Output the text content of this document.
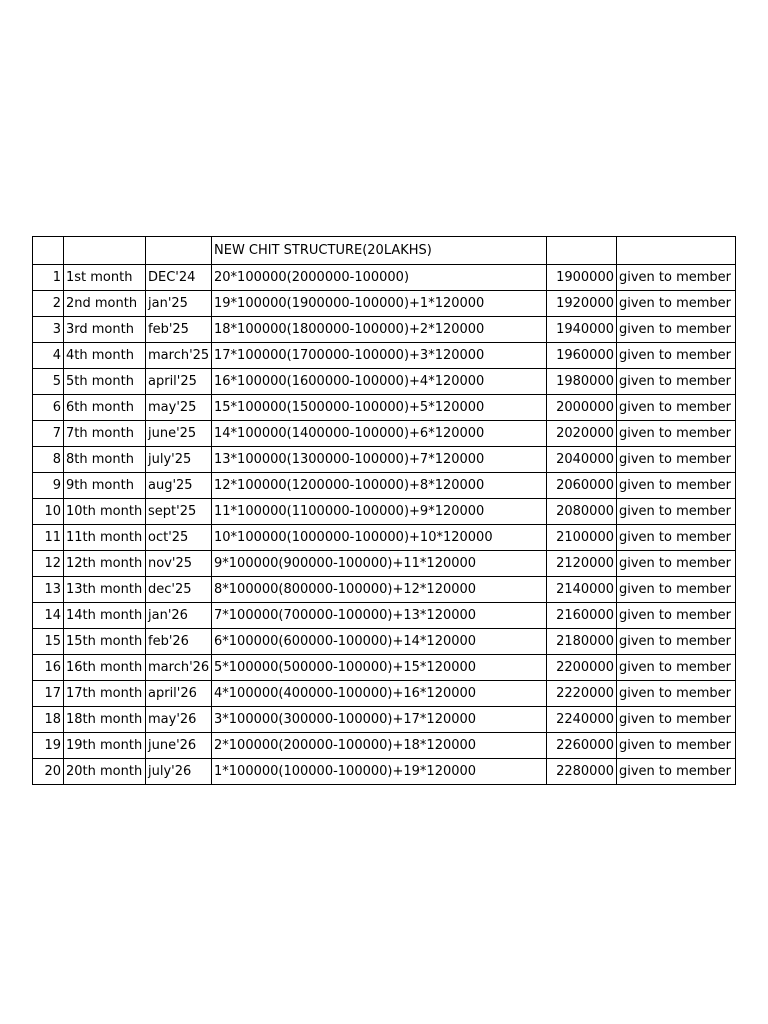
			NEW CHIT STRUCTURE(20LAKHS)		
1	1st month	DEC'24	20*100000(2000000-100000)	1900000	given to member
2	2nd month	jan'25	19*100000(1900000-100000)+1*120000	1920000	given to member
3	3rd month	feb'25	18*100000(1800000-100000)+2*120000	1940000	given to member
4	4th month	march'25	17*100000(1700000-100000)+3*120000	1960000	given to member
5	5th month	april'25	16*100000(1600000-100000)+4*120000	1980000	given to member
6	6th month	may'25	15*100000(1500000-100000)+5*120000	2000000	given to member
7	7th month	june'25	14*100000(1400000-100000)+6*120000	2020000	given to member
8	8th month	july'25	13*100000(1300000-100000)+7*120000	2040000	given to member
9	9th month	aug'25	12*100000(1200000-100000)+8*120000	2060000	given to member
10	10th month	sept'25	11*100000(1100000-100000)+9*120000	2080000	given to member
11	11th month	oct'25	10*100000(1000000-100000)+10*120000	2100000	given to member
12	12th month	nov'25	9*100000(900000-100000)+11*120000	2120000	given to member
13	13th month	dec'25	8*100000(800000-100000)+12*120000	2140000	given to member
14	14th month	jan'26	7*100000(700000-100000)+13*120000	2160000	given to member
15	15th month	feb'26	6*100000(600000-100000)+14*120000	2180000	given to member
16	16th month	march'26	5*100000(500000-100000)+15*120000	2200000	given to member
17	17th month	april'26	4*100000(400000-100000)+16*120000	2220000	given to member
18	18th month	may'26	3*100000(300000-100000)+17*120000	2240000	given to member
19	19th month	june'26	2*100000(200000-100000)+18*120000	2260000	given to member
20	20th month	july'26	1*100000(100000-100000)+19*120000	2280000	given to member
